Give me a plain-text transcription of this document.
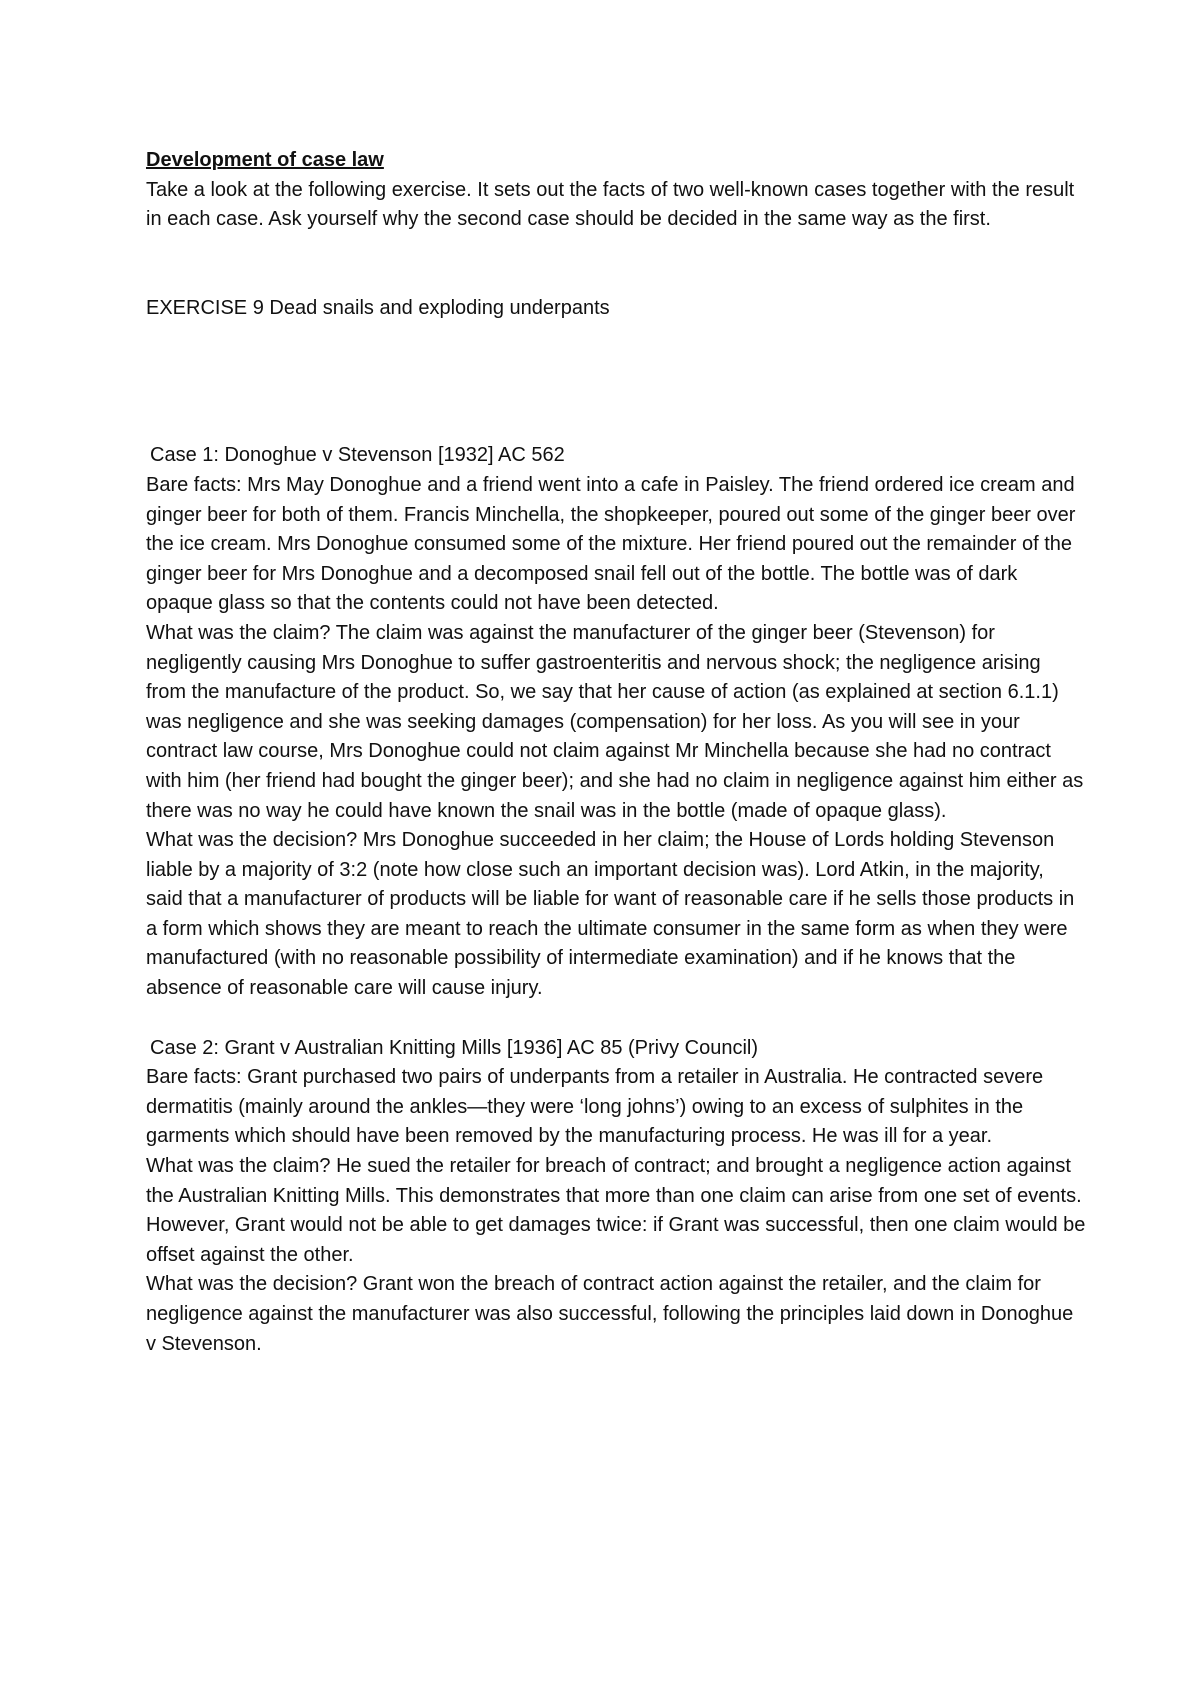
Development of case law

Take a look at the following exercise. It sets out the facts of two well-known cases together with the result in each case. Ask yourself why the second case should be decided in the same way as the first.

EXERCISE 9 Dead snails and exploding underpants

Case 1: Donoghue v Stevenson [1932] AC 562

Bare facts: Mrs May Donoghue and a friend went into a cafe in Paisley. The friend ordered ice cream and ginger beer for both of them. Francis Minchella, the shopkeeper, poured out some of the ginger beer over the ice cream. Mrs Donoghue consumed some of the mixture. Her friend poured out the remainder of the ginger beer for Mrs Donoghue and a decomposed snail fell out of the bottle. The bottle was of dark opaque glass so that the contents could not have been detected.

What was the claim? The claim was against the manufacturer of the ginger beer (Stevenson) for negligently causing Mrs Donoghue to suffer gastroenteritis and nervous shock; the negligence arising from the manufacture of the product. So, we say that her cause of action (as explained at section 6.1.1) was negligence and she was seeking damages (compensation) for her loss. As you will see in your contract law course, Mrs Donoghue could not claim against Mr Minchella because she had no contract with him (her friend had bought the ginger beer); and she had no claim in negligence against him either as there was no way he could have known the snail was in the bottle (made of opaque glass).

What was the decision? Mrs Donoghue succeeded in her claim; the House of Lords holding Stevenson liable by a majority of 3:2 (note how close such an important decision was). Lord Atkin, in the majority, said that a manufacturer of products will be liable for want of reasonable care if he sells those products in a form which shows they are meant to reach the ultimate consumer in the same form as when they were manufactured (with no reasonable possibility of intermediate examination) and if he knows that the absence of reasonable care will cause injury.

Case 2: Grant v Australian Knitting Mills [1936] AC 85 (Privy Council)

Bare facts: Grant purchased two pairs of underpants from a retailer in Australia. He contracted severe dermatitis (mainly around the ankles—they were ‘long johns’) owing to an excess of sulphites in the garments which should have been removed by the manufacturing process. He was ill for a year.

What was the claim? He sued the retailer for breach of contract; and brought a negligence action against the Australian Knitting Mills. This demonstrates that more than one claim can arise from one set of events. However, Grant would not be able to get damages twice: if Grant was successful, then one claim would be offset against the other.

What was the decision? Grant won the breach of contract action against the retailer, and the claim for negligence against the manufacturer was also successful, following the principles laid down in Donoghue v Stevenson.
